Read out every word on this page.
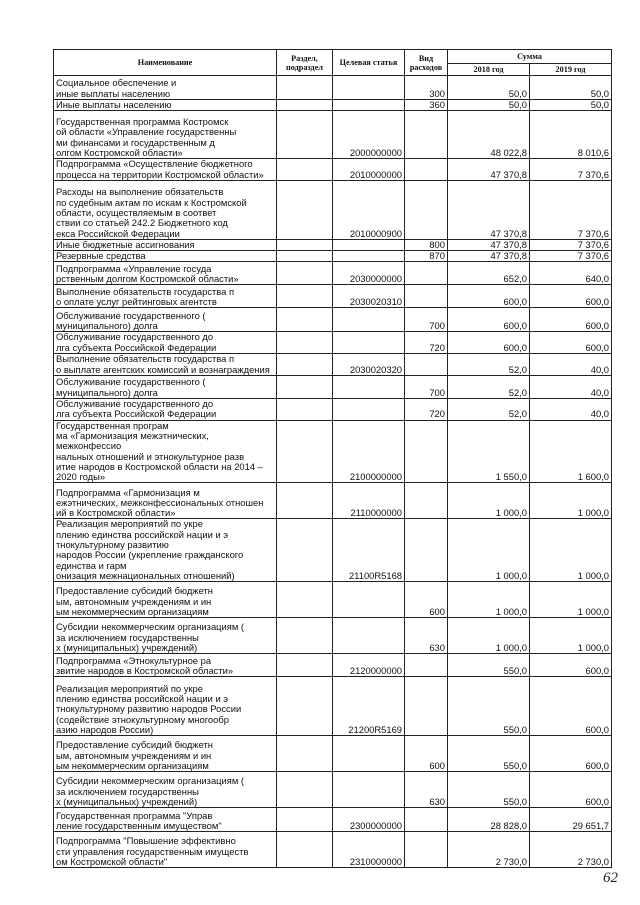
Наименование	Раздел, подраздел	Целевая статья	Вид расходов	Сумма	
				2018 год	2019 год

Социальное обеспечение и
иные выплаты населению			300	50,0	50,0

Иные выплаты населению			360	50,0	50,0

Государственная программа Костромск
ой области «Управление государственны
ми финансами и государственным д
олгом Костромской области»		2000000000		48 022,8	8 010,6

Подпрограмма «Осуществление бюджетного
процесса на территории Костромской области»		2010000000		47 370,8	7 370,6

Расходы на выполнение обязательств
по судебным актам по искам к Костромской
области, осуществляемым в соответ
ствии со статьей 242.2 Бюджетного код
екса Российской Федерации		2010000900		47 370,8	7 370,6

Иные бюджетные ассигнования			800	47 370,8	7 370,6

Резервные средства			870	47 370,8	7 370,6

Подпрограмма «Управление госуда
рственным долгом Костромской области»		2030000000		652,0	640,0

Выполнение обязательств государства п
о оплате услуг рейтинговых агентств		2030020310		600,0	600,0

Обслуживание государственного (
муниципального) долга			700	600,0	600,0

Обслуживание государственного до
лга субъекта Российской Федерации			720	600,0	600,0

Выполнение обязательств государства п
о выплате агентских комиссий и вознаграждения		2030020320		52,0	40,0

Обслуживание государственного (
муниципального) долга			700	52,0	40,0

Обслуживание государственного до
лга субъекта Российской Федерации			720	52,0	40,0

Государственная програм
ма «Гармонизация межэтнических, межконфессио
нальных отношений и этнокультурное разв
итие народов в Костромской области на 2014 – 2020 годы»		2100000000		1 550,0	1 600,0

Подпрограмма «Гармонизация м
ежэтнических, межконфессиональных отношен
ий в Костромской области»		2110000000		1 000,0	1 000,0

Реализация мероприятий по укре
плению единства российской нации и э
тнокультурному развитию
народов России (укрепление гражданского единства и гарм
онизация межнациональных отношений)		21100R5168		1 000,0	1 000,0

Предоставление субсидий бюджетн
ым, автономным учреждениям и ин
ым некоммерческим организациям			600	1 000,0	1 000,0

Субсидии некоммерческим организациям (
за исключением государственны
х (муниципальных) учреждений)			630	1 000,0	1 000,0

Подпрограмма «Этнокультурное ра
звитие народов в Костромской области»		2120000000		550,0	600,0

Реализация мероприятий по укре
плению единства российской нации и э
тнокультурному развитию народов России
(содействие этнокультурному многообр
азию народов России)		21200R5169		550,0	600,0

Предоставление субсидий бюджетн
ым, автономным учреждениям и ин
ым некоммерческим организациям			600	550,0	600,0

Субсидии некоммерческим организациям (
за исключением государственны
х (муниципальных) учреждений)			630	550,0	600,0

Государственная программа "Управ
ление государственным имуществом"		2300000000		28 828,0	29 651,7

Подпрограмма "Повышение эффективно
сти управления государственным имуществ
ом Костромской области"		2310000000		2 730,0	2 730,0
62
